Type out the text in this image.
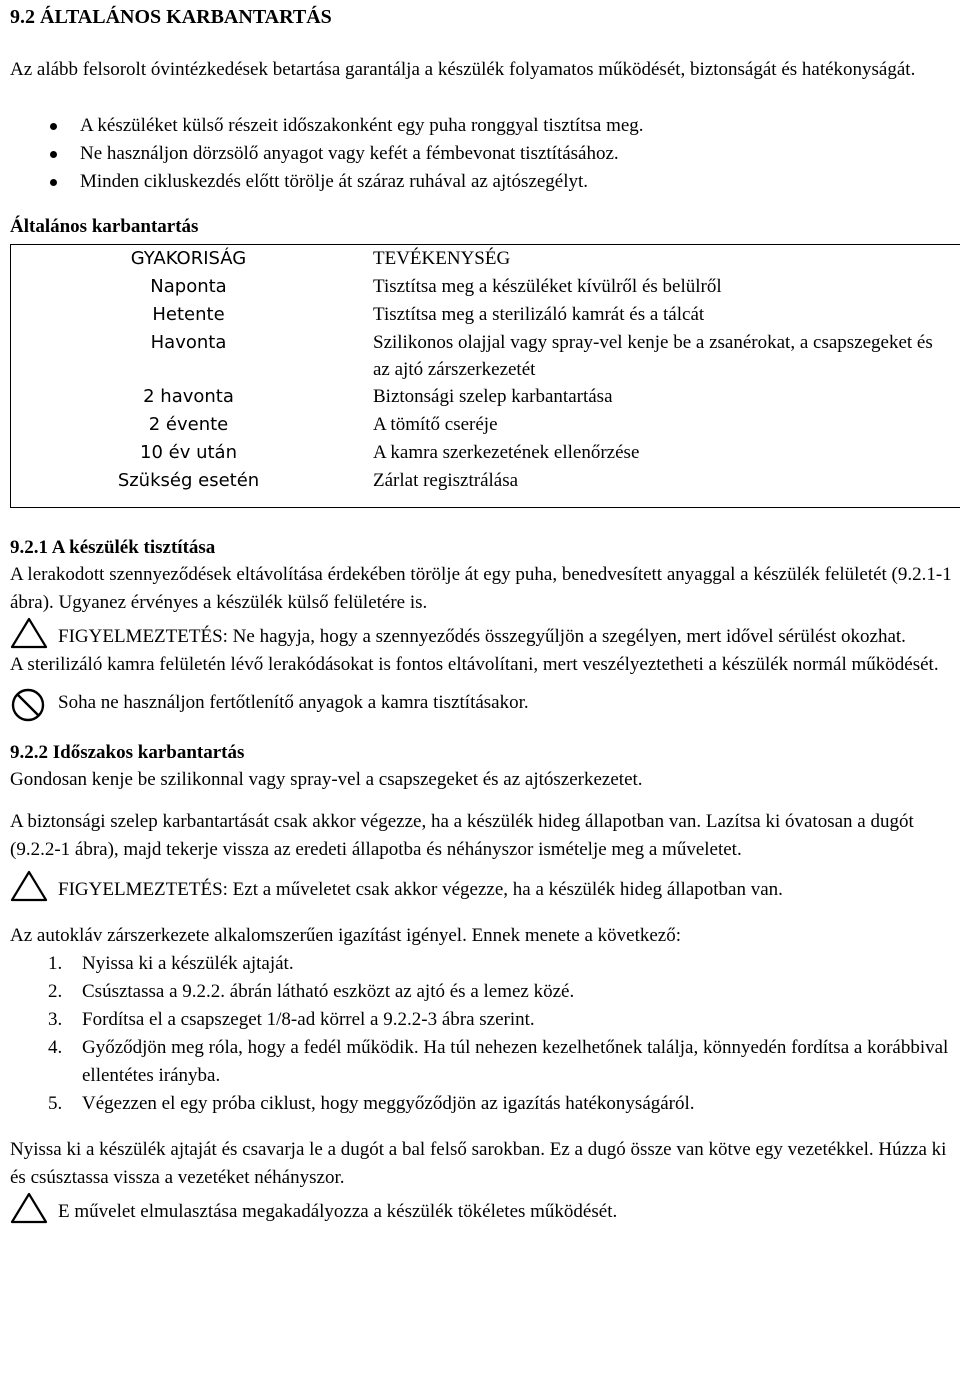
9.2 ÁLTALÁNOS KARBANTARTÁS

Az alább felsorolt óvintézkedések betartása garantálja a készülék folyamatos működését, biztonságát és hatékonyságát.

A készüléket külső részeit időszakonként egy puha ronggyal tisztítsa meg.
Ne használjon dörzsölő anyagot vagy kefét a fémbevonat tisztításához.
Minden cikluskezdés előtt törölje át száraz ruhával az ajtószegélyt.
Általános karbantartás
GYAKORISÁG	TEVÉKENYSÉG
Naponta	Tisztítsa meg a készüléket kívülről és belülről
Hetente	Tisztítsa meg a sterilizáló kamrát és a tálcát
Havonta	Szilikonos olajjal vagy spray-vel kenje be a zsanérokat, a csapszegeket és az ajtó zárszerkezetét
2 havonta	Biztonsági szelep karbantartása
2 évente	A tömítő cseréje
10 év után	A kamra szerkezetének ellenőrzése
Szükség esetén	Zárlat regisztrálása

9.2.1 A készülék tisztítása

A lerakodott szennyeződések eltávolítása érdekében törölje át egy puha, benedvesített anyaggal a készülék felületét (9.2.1-1 ábra). Ugyanez érvényes a készülék külső felületére is.

FIGYELMEZTETÉS: Ne hagyja, hogy a szennyeződés összegyűljön a szegélyen, mert idővel sérülést okozhat.

A sterilizáló kamra felületén lévő lerakódásokat is fontos eltávolítani, mert veszélyeztetheti a készülék normál működését.

Soha ne használjon fertőtlenítő anyagok a kamra tisztításakor.

9.2.2 Időszakos karbantartás

Gondosan kenje be szilikonnal vagy spray-vel a csapszegeket és az ajtószerkezetet.

A biztonsági szelep karbantartását csak akkor végezze, ha a készülék hideg állapotban van. Lazítsa ki óvatosan a dugót (9.2.2-1 ábra), majd tekerje vissza az eredeti állapotba és néhányszor ismételje meg a műveletet.

FIGYELMEZTETÉS: Ezt a műveletet csak akkor végezze, ha a készülék hideg állapotban van.

Az autokláv zárszerkezete alkalomszerűen igazítást igényel. Ennek menete a következő:

1. Nyissa ki a készülék ajtaját.
2. Csúsztassa a 9.2.2. ábrán látható eszközt az ajtó és a lemez közé.
3. Fordítsa el a csapszeget 1/8-ad körrel a 9.2.2-3 ábra szerint.
4. Győződjön meg róla, hogy a fedél működik. Ha túl nehezen kezelhetőnek találja, könnyedén fordítsa a korábbival ellentétes irányba.
5. Végezzen el egy próba ciklust, hogy meggyőződjön az igazítás hatékonyságáról.

Nyissa ki a készülék ajtaját és csavarja le a dugót a bal felső sarokban. Ez a dugó össze van kötve egy vezetékkel. Húzza ki és csúsztassa vissza a vezetéket néhányszor.

E művelet elmulasztása megakadályozza a készülék tökéletes működését.
